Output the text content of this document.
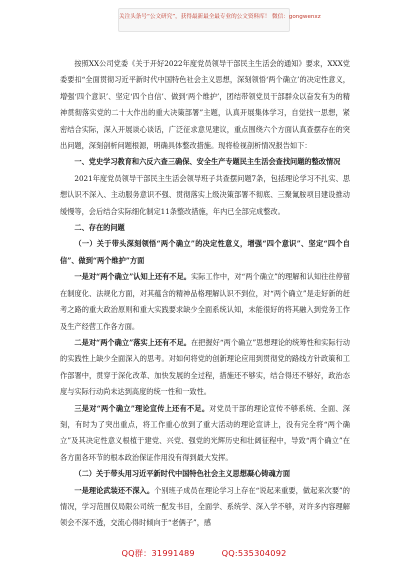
关注头条号“公文研究”，获得最新最全最专业的公文资料库！ 微信：gongwenxz

按照XX公司党委《关于开好2022年度党员领导干部民主生活会的通知》要求，XXX党委要扣“全面贯彻习近平新时代中国特色社会主义思想，深刻领悟‘两个确立’的决定性意义，增强‘四个意识’、坚定‘四个自信’、做到‘两个维护’，团结带领党员干部群众以奋发有为的精神贯彻落实党的二十大作出的重大决策部署”主题，认真开展集体学习，自觉找一思想，紧密结合实际，深入开展谈心谈话，广泛征求意见建议，重点围绕六个方面认真查摆存在的突出问题，深刻剖析问题根源，明确具体整改措施。现将检视剖析情况报告如下：

一、党史学习教育和六反六查三确保、安全生产专题民主生活会查找问题的整改情况

2021年度党员领导干部民主生活会领导班子共查摆问题7条，包括理论学习不扎实、思想认识不深入、主动服务意识不强、贯彻落实上级决策部署不彻底、三聚氰胺项目建设推动缓慢等，会后结合实际细化制定11条整改措施，年内已全部完成整改。

二、存在的问题

（一）关于带头深刻领悟“两个确立”的决定性意义，增强“四个意识”、坚定“四个自信”、做到“两个维护”方面

一是对“两个确立”认知上还有不足。实际工作中，对“两个确立”的理解和认知往往停留在制度化、法规化方面，对其蕴含的精神品格理解认识不到位，对“两个确立”是走好新的赶考之路的重大政治原则和重大实践要求缺少全面系统认知，未能很好的将其融入到党务工作及生产经营工作各方面。

二是对“两个确立”落实上还有不足。在把握好“两个确立”思想理论的统筹性和实际行动的实践性上缺少全面深入的思考。对如何将党的创新理论应用到贯彻党的路线方针政策和工作部署中，贯穿于深化改革、加快发展的全过程，措施还不够实，结合得还不够好，政治态度与实际行动尚未达到高度的统一性和一致性。

三是对“两个确立”理论宣传上还有不足。对党员干部的理论宣传不够系统、全面、深刻，有时为了突出重点，将工作重心放到了重大活动的理论宣讲上，没有完全将“两个确立”及其决定性意义根植于建党、兴党、强党的光辉历史和壮阔征程中，导致“两个确立”在各方面各环节的根本政治保证作用没有得到最大发挥。

（二）关于带头用习近平新时代中国特色社会主义思想凝心铸魂方面

一是理论武装还不深入。个别班子成员在理论学习上存在“说起来重要，做起来次要”的情况，学习范围仅局限公司统一配发书目，全面学、系统学、深入学不够，对许多内容理解领会不深不透，交流心得时倾向于“老俩子”，感

QQ群：31991489	QQ:535304092
